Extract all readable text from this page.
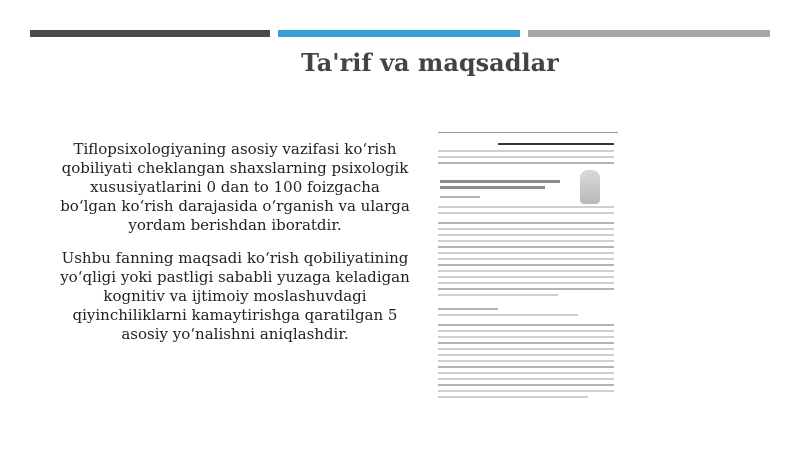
Ta'rif va maqsadlar
Tiflopsixologiyaning asosiy vazifasi ko‘rish qobiliyati cheklangan shaxslarning psixologik xususiyatlarini 0 dan to 100 foizgacha bo‘lgan ko‘rish darajasida o‘rganish va ularga yordam berishdan iboratdir.
Ushbu fanning maqsadi ko‘rish qobiliyatining yo‘qligi yoki pastligi sababli yuzaga keladigan kognitiv va ijtimoiy moslashuvdagi qiyinchiliklarni kamaytirishga qaratilgan 5 asosiy yo‘nalishni aniqlashdir.
